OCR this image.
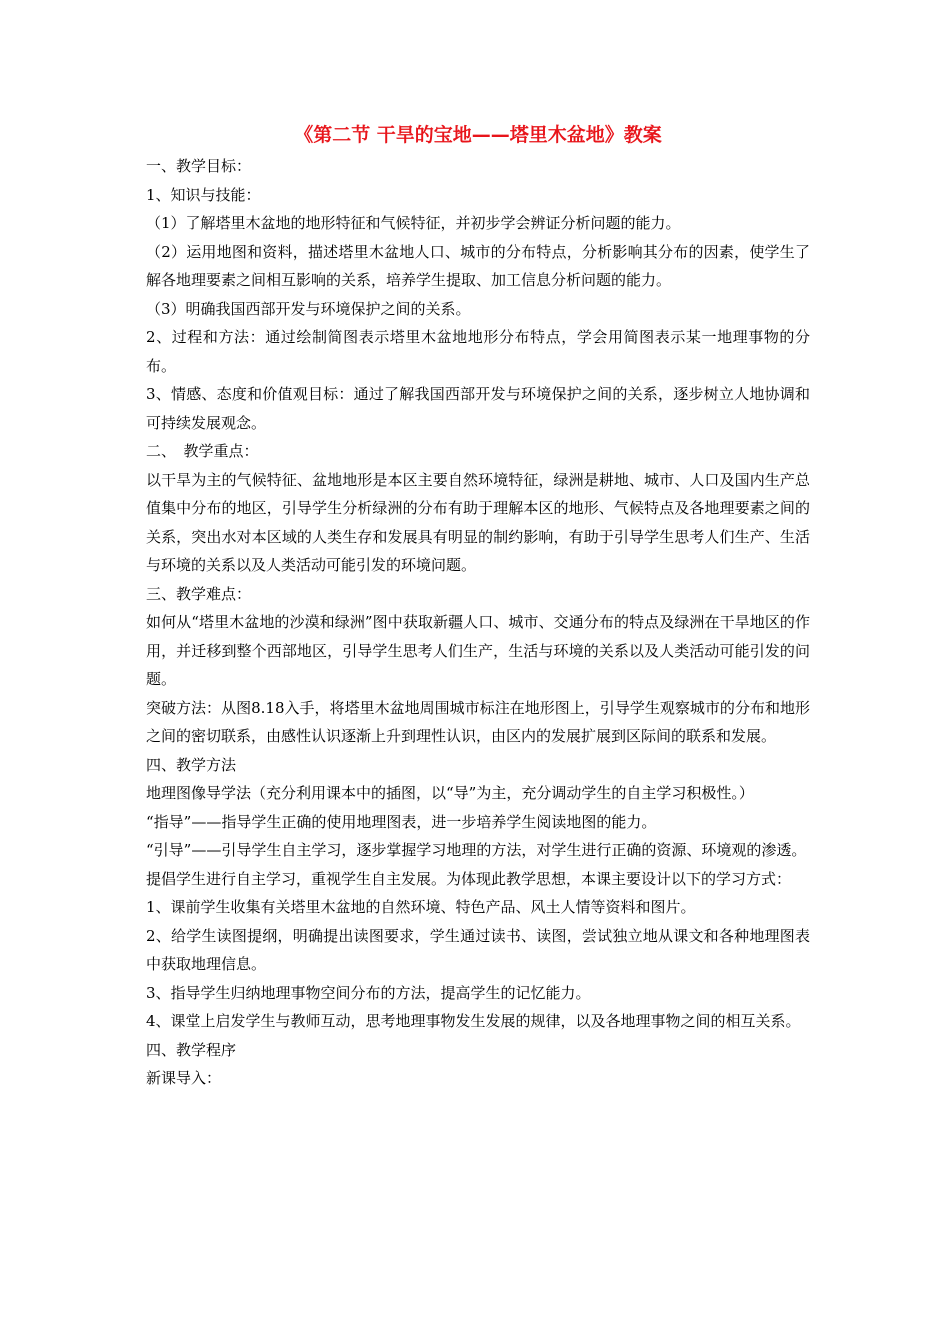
《第二节 干旱的宝地——塔里木盆地》教案

一、教学目标：

1、知识与技能：

（1）了解塔里木盆地的地形特征和气候特征，并初步学会辨证分析问题的能力。

（2）运用地图和资料，描述塔里木盆地人口、城市的分布特点，分析影响其分布的因素，使学生了解各地理要素之间相互影响的关系，培养学生提取、加工信息分析问题的能力。

（3）明确我国西部开发与环境保护之间的关系。

2、过程和方法：通过绘制简图表示塔里木盆地地形分布特点，学会用简图表示某一地理事物的分布。

3、情感、态度和价值观目标：通过了解我国西部开发与环境保护之间的关系，逐步树立人地协调和可持续发展观念。

二、　教学重点：

以干旱为主的气候特征、盆地地形是本区主要自然环境特征，绿洲是耕地、城市、人口及国内生产总值集中分布的地区，引导学生分析绿洲的分布有助于理解本区的地形、气候特点及各地理要素之间的关系，突出水对本区域的人类生存和发展具有明显的制约影响，有助于引导学生思考人们生产、生活与环境的关系以及人类活动可能引发的环境问题。

三、教学难点：

如何从“塔里木盆地的沙漠和绿洲”图中获取新疆人口、城市、交通分布的特点及绿洲在干旱地区的作用，并迁移到整个西部地区，引导学生思考人们生产，生活与环境的关系以及人类活动可能引发的问题。

突破方法：从图8.18入手，将塔里木盆地周围城市标注在地形图上，引导学生观察城市的分布和地形之间的密切联系，由感性认识逐渐上升到理性认识，由区内的发展扩展到区际间的联系和发展。

四、教学方法

地理图像导学法（充分利用课本中的插图，以“导”为主，充分调动学生的自主学习积极性。）

“指导”——指导学生正确的使用地理图表，进一步培养学生阅读地图的能力。

“引导”——引导学生自主学习，逐步掌握学习地理的方法，对学生进行正确的资源、环境观的渗透。

提倡学生进行自主学习，重视学生自主发展。为体现此教学思想，本课主要设计以下的学习方式：

1、课前学生收集有关塔里木盆地的自然环境、特色产品、风土人情等资料和图片。

2、给学生读图提纲，明确提出读图要求，学生通过读书、读图，尝试独立地从课文和各种地理图表中获取地理信息。

3、指导学生归纳地理事物空间分布的方法，提高学生的记忆能力。

4、课堂上启发学生与教师互动，思考地理事物发生发展的规律，以及各地理事物之间的相互关系。

四、教学程序

新课导入：
